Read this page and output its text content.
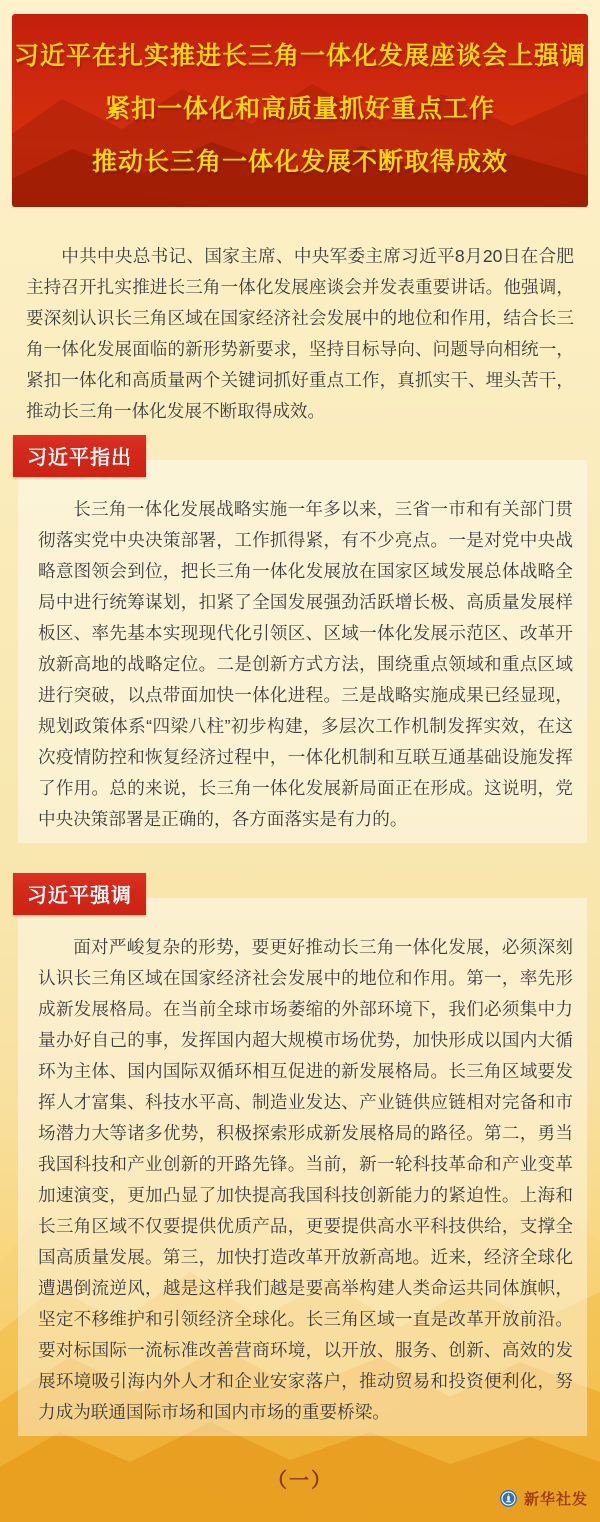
习近平在扎实推进长三角一体化发展座谈会上强调
紧扣一体化和高质量抓好重点工作
推动长三角一体化发展不断取得成效

中共中央总书记、国家主席、中央军委主席习近平8月20日在合肥主持召开扎实推进长三角一体化发展座谈会并发表重要讲话。他强调，要深刻认识长三角区域在国家经济社会发展中的地位和作用，结合长三角一体化发展面临的新形势新要求，坚持目标导向、问题导向相统一，紧扣一体化和高质量两个关键词抓好重点工作，真抓实干、埋头苦干，推动长三角一体化发展不断取得成效。

习近平指出

长三角一体化发展战略实施一年多以来，三省一市和有关部门贯彻落实党中央决策部署，工作抓得紧，有不少亮点。一是对党中央战略意图领会到位，把长三角一体化发展放在国家区域发展总体战略全局中进行统筹谋划，扣紧了全国发展强劲活跃增长极、高质量发展样板区、率先基本实现现代化引领区、区域一体化发展示范区、改革开放新高地的战略定位。二是创新方式方法，围绕重点领域和重点区域进行突破，以点带面加快一体化进程。三是战略实施成果已经显现，规划政策体系“四梁八柱”初步构建，多层次工作机制发挥实效，在这次疫情防控和恢复经济过程中，一体化机制和互联互通基础设施发挥了作用。总的来说，长三角一体化发展新局面正在形成。这说明，党中央决策部署是正确的，各方面落实是有力的。

习近平强调

面对严峻复杂的形势，要更好推动长三角一体化发展，必须深刻认识长三角区域在国家经济社会发展中的地位和作用。第一，率先形成新发展格局。在当前全球市场萎缩的外部环境下，我们必须集中力量办好自己的事，发挥国内超大规模市场优势，加快形成以国内大循环为主体、国内国际双循环相互促进的新发展格局。长三角区域要发挥人才富集、科技水平高、制造业发达、产业链供应链相对完备和市场潜力大等诸多优势，积极探索形成新发展格局的路径。第二，勇当我国科技和产业创新的开路先锋。当前，新一轮科技革命和产业变革加速演变，更加凸显了加快提高我国科技创新能力的紧迫性。上海和长三角区域不仅要提供优质产品，更要提供高水平科技供给，支撑全国高质量发展。第三，加快打造改革开放新高地。近来，经济全球化遭遇倒流逆风，越是这样我们越是要高举构建人类命运共同体旗帜，坚定不移维护和引领经济全球化。长三角区域一直是改革开放前沿。要对标国际一流标准改善营商环境，以开放、服务、创新、高效的发展环境吸引海内外人才和企业安家落户，推动贸易和投资便利化，努力成为联通国际市场和国内市场的重要桥梁。

（一）
新华社发
